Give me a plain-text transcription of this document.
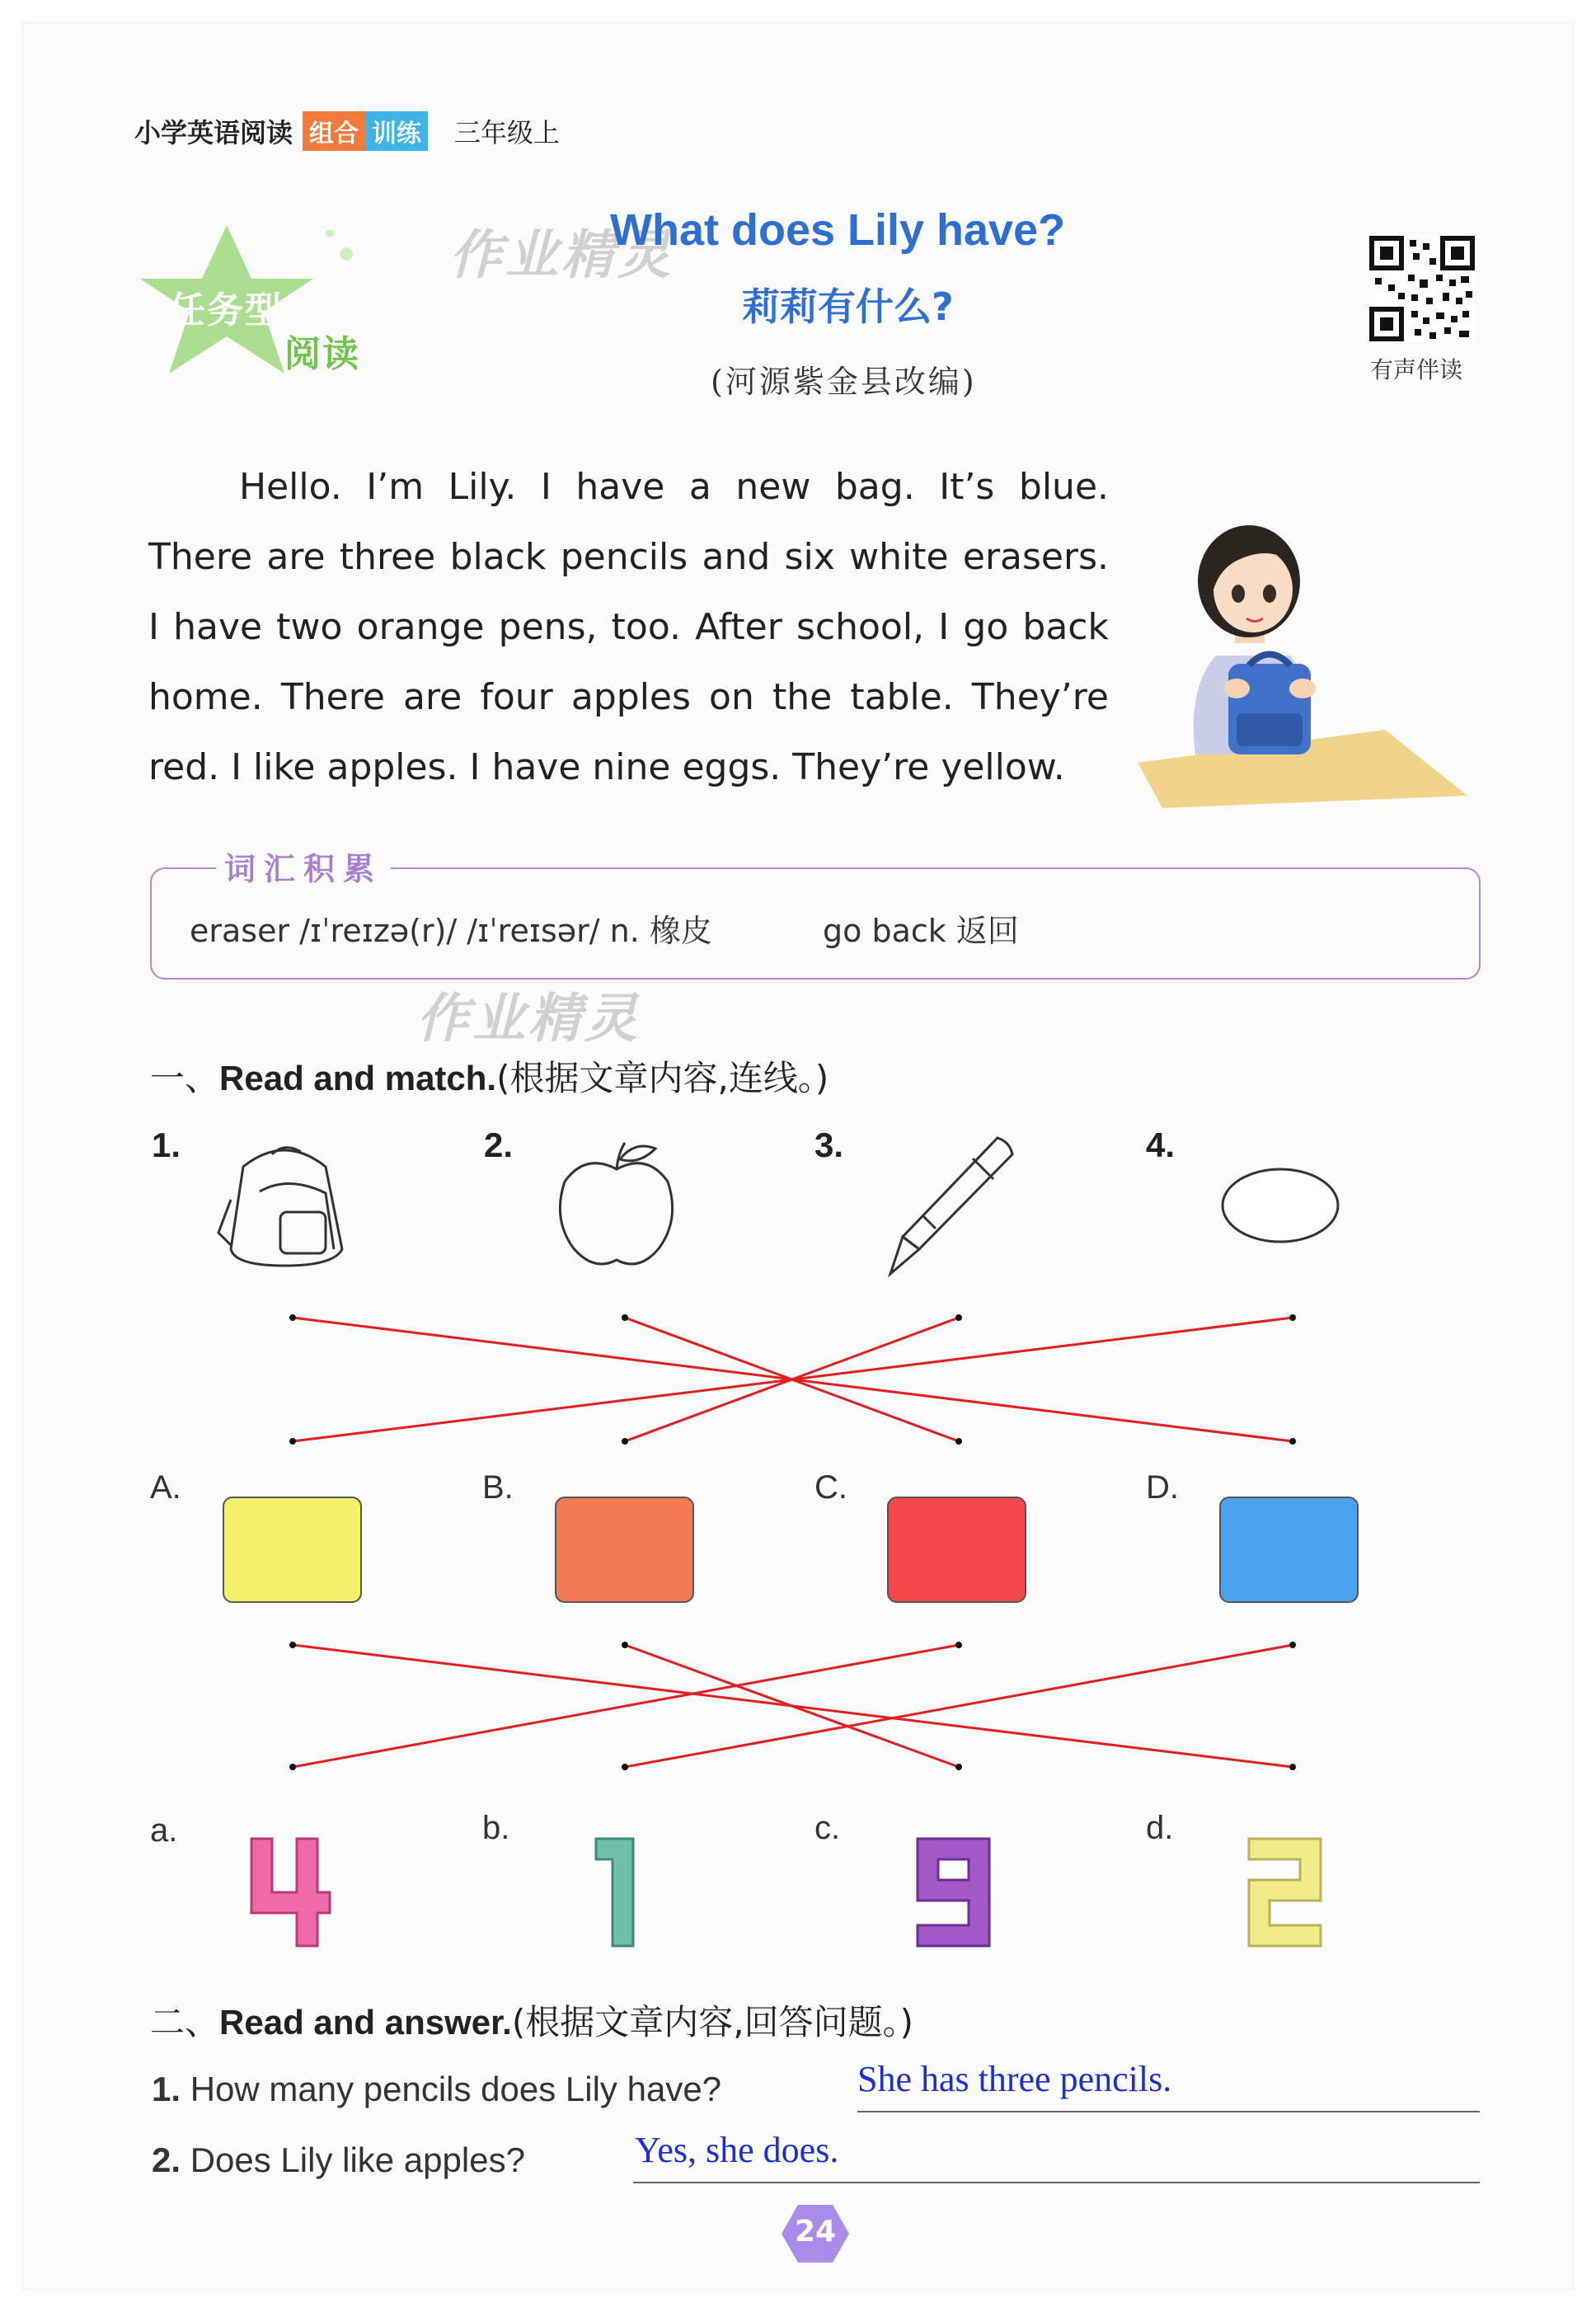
小学英语阅读 组合 训练 三年级上
任务型
阅读
作业精灵
What does Lily have?
莉莉有什么?
(河源紫金县改编)	有声伴读
Hello. I’m Lily. I have a new bag. It’s blue. There are three black pencils and six white erasers. I have two orange pens, too. After school, I go back home. There are four apples on the table. They’re red. I like apples. I have nine eggs. They’re yellow.
词汇积累
eraser /ɪˈreɪzə(r)/ /ɪˈreɪsər/ n. 橡皮	go back 返回
作业精灵
一、Read and match.(根据文章内容,连线。)
1.	2.	3.	4.
A.	B.	C.	D.
a.	b.	c.	d.
二、Read and answer.(根据文章内容,回答问题。)
1. How many pencils does Lily have?	She has three pencils.
2. Does Lily like apples?	Yes, she does.
24
